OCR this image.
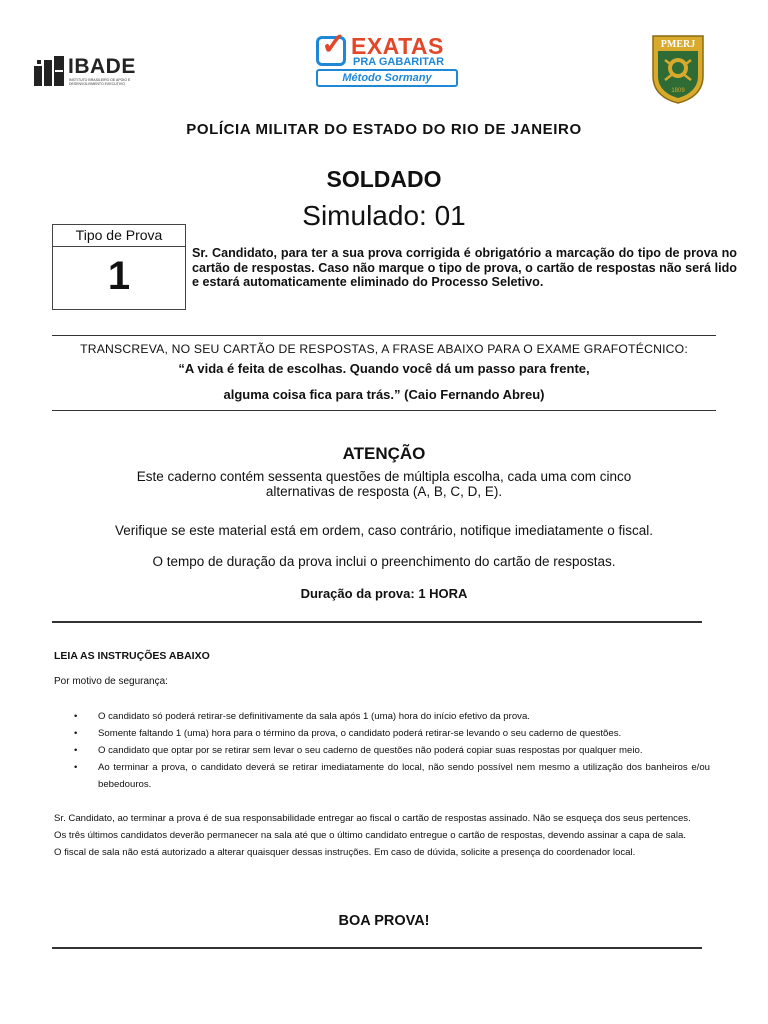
IBADE
INSTITUTO BRASILEIRO DE APOIO E DESENVOLVIMENTO EXECUTIVO
✓ EXATAS
PRA GABARITAR
Método Sormany
PMERJ
1809
POLÍCIA MILITAR DO ESTADO DO RIO DE JANEIRO
SOLDADO
Simulado: 01
Tipo de Prova
1
Sr. Candidato, para ter a sua prova corrigida é obrigatório a marcação do tipo de prova no cartão de respostas. Caso não marque o tipo de prova, o cartão de respostas não será lido e estará automaticamente eliminado do Processo Seletivo.
TRANSCREVA, NO SEU CARTÃO DE RESPOSTAS, A FRASE ABAIXO PARA O EXAME GRAFOTÉCNICO:
“A vida é feita de escolhas. Quando você dá um passo para frente,
alguma coisa fica para trás.” (Caio Fernando Abreu)
ATENÇÃO
Este caderno contém sessenta questões de múltipla escolha, cada uma com cinco
alternativas de resposta (A, B, C, D, E).
Verifique se este material está em ordem, caso contrário, notifique imediatamente o fiscal.
O tempo de duração da prova inclui o preenchimento do cartão de respostas.
Duração da prova: 1 HORA
LEIA AS INSTRUÇÕES ABAIXO
Por motivo de segurança:
• O candidato só poderá retirar-se definitivamente da sala após 1 (uma) hora do início efetivo da prova.
• Somente faltando 1 (uma) hora para o término da prova, o candidato poderá retirar-se levando o seu caderno de questões.
• O candidato que optar por se retirar sem levar o seu caderno de questões não poderá copiar suas respostas por qualquer meio.
• Ao terminar a prova, o candidato deverá se retirar imediatamente do local, não sendo possível nem mesmo a utilização dos banheiros e/ou bebedouros.

Sr. Candidato, ao terminar a prova é de sua responsabilidade entregar ao fiscal o cartão de respostas assinado. Não se esqueça dos seus pertences.

Os três últimos candidatos deverão permanecer na sala até que o último candidato entregue o cartão de respostas, devendo assinar a capa de sala.

O fiscal de sala não está autorizado a alterar quaisquer dessas instruções. Em caso de dúvida, solicite a presença do coordenador local.

BOA PROVA!
